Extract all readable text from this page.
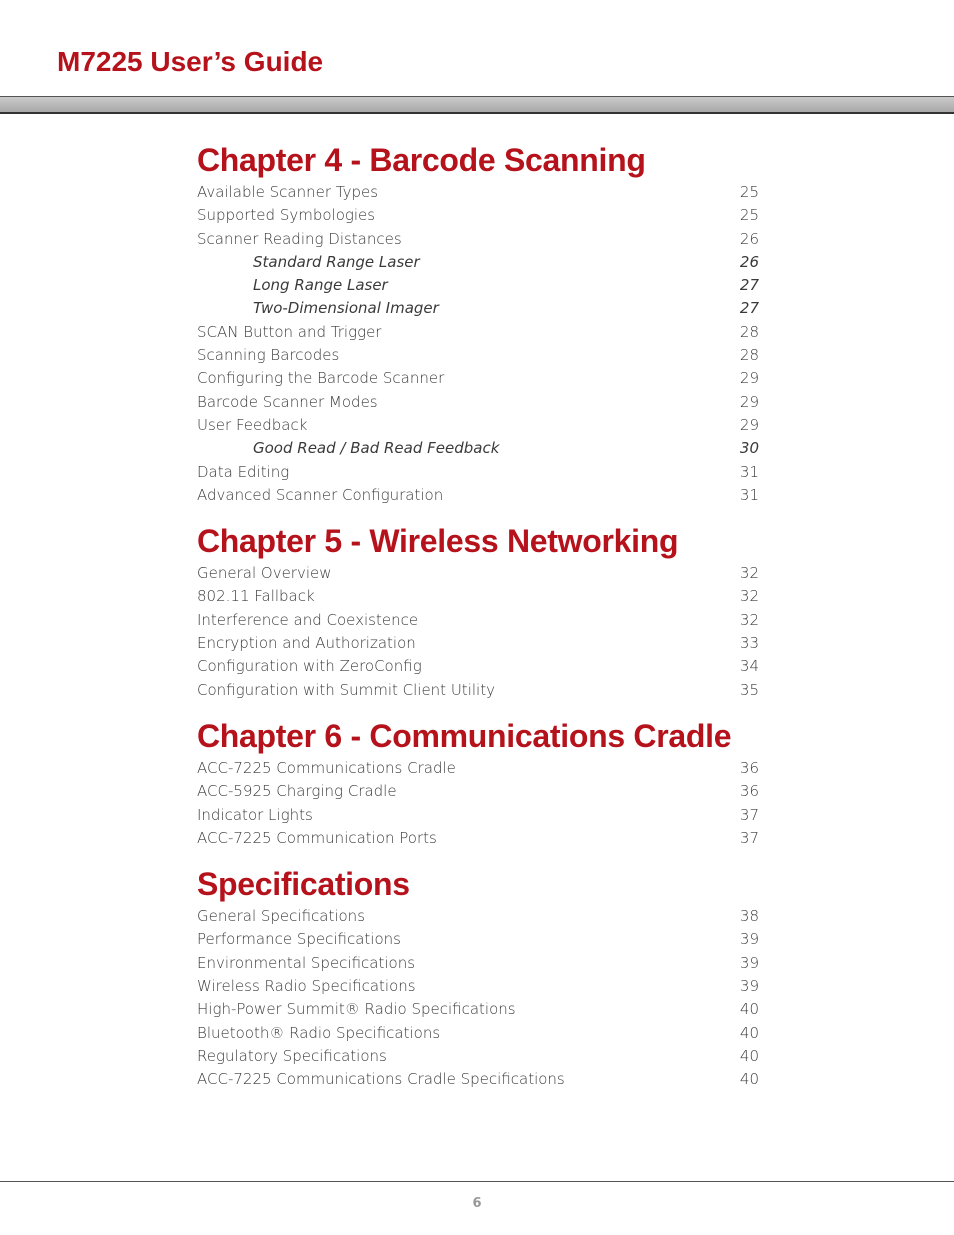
M7225 User’s Guide
Chapter 4 - Barcode Scanning
Available Scanner Types	25
Supported Symbologies	25
Scanner Reading Distances	26
Standard Range Laser	26
Long Range Laser	27
Two-Dimensional Imager	27
SCAN Button and Trigger	28
Scanning Barcodes	28
Configuring the Barcode Scanner	29
Barcode Scanner Modes	29
User Feedback	29
Good Read / Bad Read Feedback	30
Data Editing	31
Advanced Scanner Configuration	31
Chapter 5 - Wireless Networking
General Overview	32
802.11 Fallback	32
Interference and Coexistence	32
Encryption and Authorization	33
Configuration with ZeroConfig	34
Configuration with Summit Client Utility	35
Chapter 6 - Communications Cradle
ACC-7225 Communications Cradle	36
ACC-5925 Charging Cradle	36
Indicator Lights	37
ACC-7225 Communication Ports	37
Specifications
General Specifications	38
Performance Specifications	39
Environmental Specifications	39
Wireless Radio Specifications	39
High-Power Summit® Radio Specifications	40
Bluetooth® Radio Specifications	40
Regulatory Specifications	40
ACC-7225 Communications Cradle Specifications	40
6
